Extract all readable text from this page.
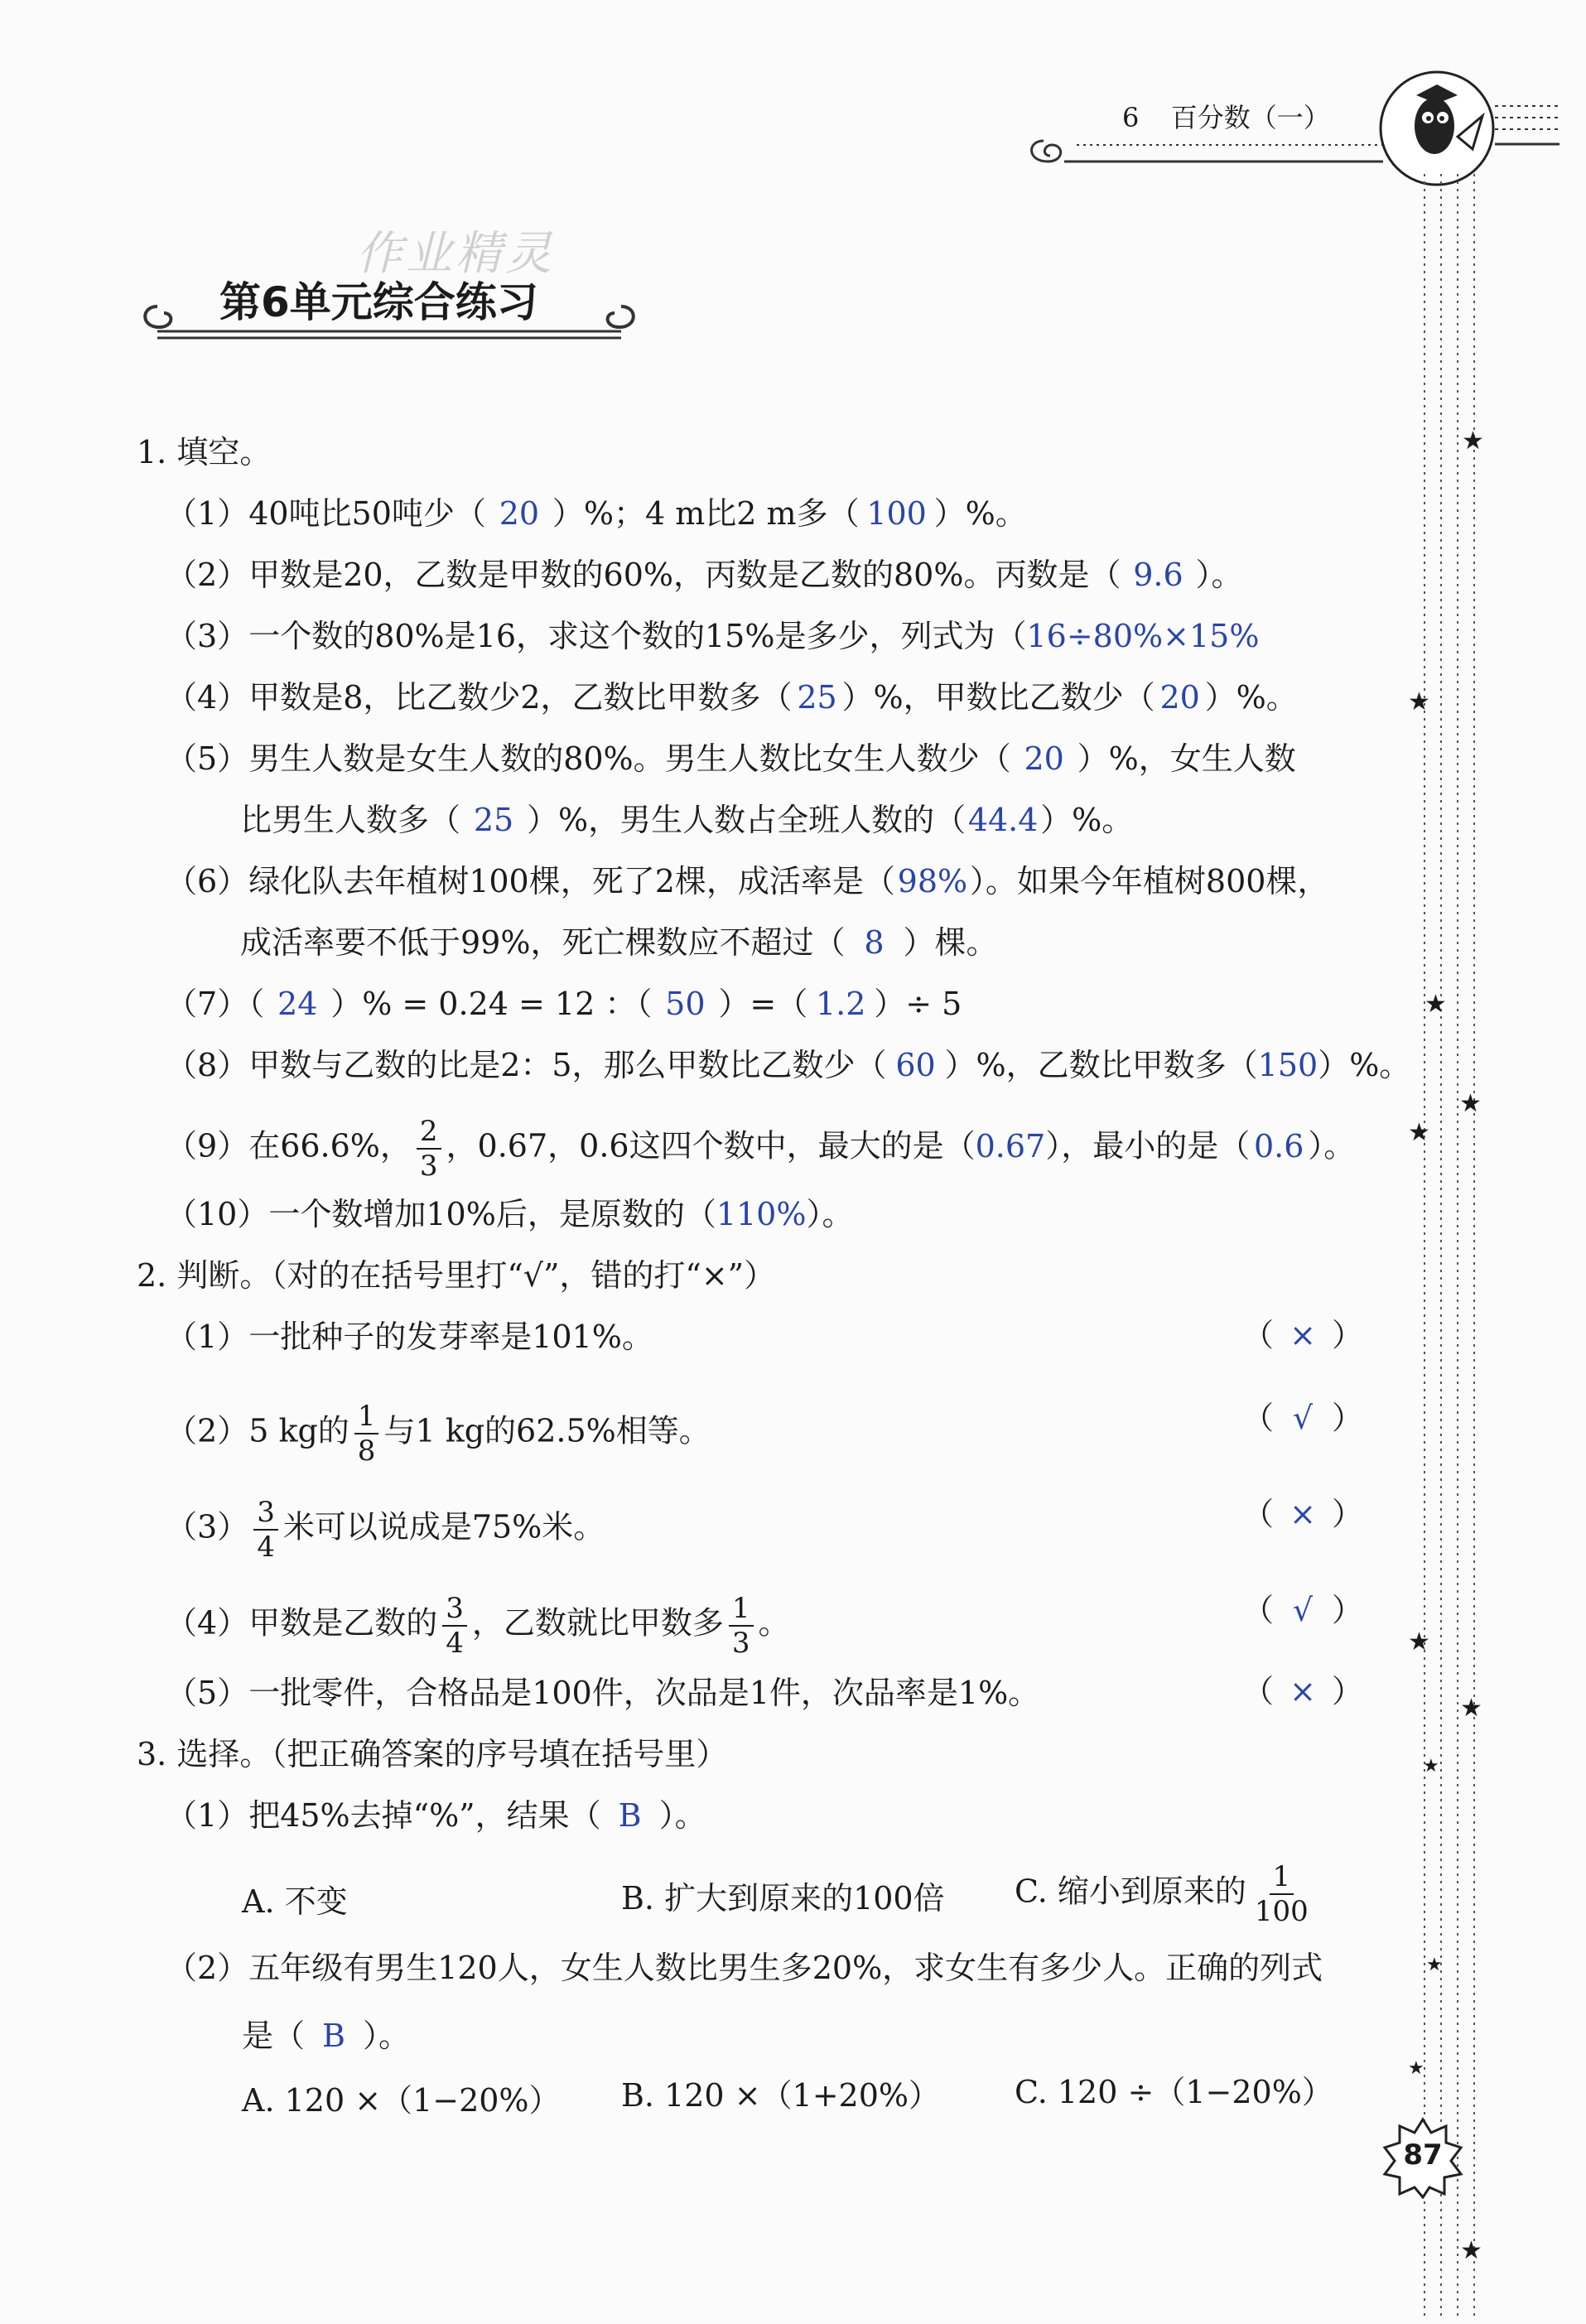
6 百分数（一）
作业精灵
第6单元综合练习
★
★
★
★
★
★
★
★
★
★
★
87
1. 填空。
（1）40吨比50吨少（ 20 ）%；4 m比2 m多（ 100 ）%。
（2）甲数是20，乙数是甲数的60%，丙数是乙数的80%。丙数是（ 9.6 ）。
（3）一个数的80%是16，求这个数的15%是多少，列式为（16÷80%×15%
（4）甲数是8，比乙数少2，乙数比甲数多（ 25 ）%，甲数比乙数少（ 20 ）%。
（5）男生人数是女生人数的80%。男生人数比女生人数少（ 20 ）%，女生人数
比男生人数多（ 25 ）%，男生人数占全班人数的（44.4）%。
（6）绿化队去年植树100棵，死了2棵，成活率是（98%）。如果今年植树800棵，
成活率要不低于99%，死亡棵数应不超过（ 8 ）棵。
（7）（ 24 ）% = 0.24 = 12 ：（ 50 ）=（ 1.2 ）÷ 5
（8）甲数与乙数的比是2：5，那么甲数比乙数少（ 60 ）%，乙数比甲数多（150）%。
（9）在66.6%， $\frac{2}{3}$ ，0.67，0.6这四个数中，最大的是（0.67），最小的是（ 0.6 ）。
（10）一个数增加10%后，是原数的（110%）。
2. 判断。（对的在括号里打“√”，错的打“×”）
（1）一批种子的发芽率是101%。	（ × ）
（2）5 kg的 $\frac{1}{8}$ 与1 kg的62.5%相等。	（ √ ）
$(3) \frac{3}{4}$ 米可以说成是75%米。	（ × ）
（4）甲数是乙数的 $\frac{3}{4}$ ，乙数就比甲数多 $\frac{1}{3}$ 。	（ √ ）
（5）一批零件，合格品是100件，次品是1件，次品率是1%。	（ × ）
3. 选择。（把正确答案的序号填在括号里）
（1）把45%去掉“%”，结果（ B ）。
A. 不变	B. 扩大到原来的100倍 C. 缩小到原来的 $\frac{1}{100}$
（2）五年级有男生120人，女生人数比男生多20%，求女生有多少人。正确的列式
是（ B ）。
A. 120 ×（1−20%） B. 120 ×（1+20%） C. 120 ÷（1−20%）
